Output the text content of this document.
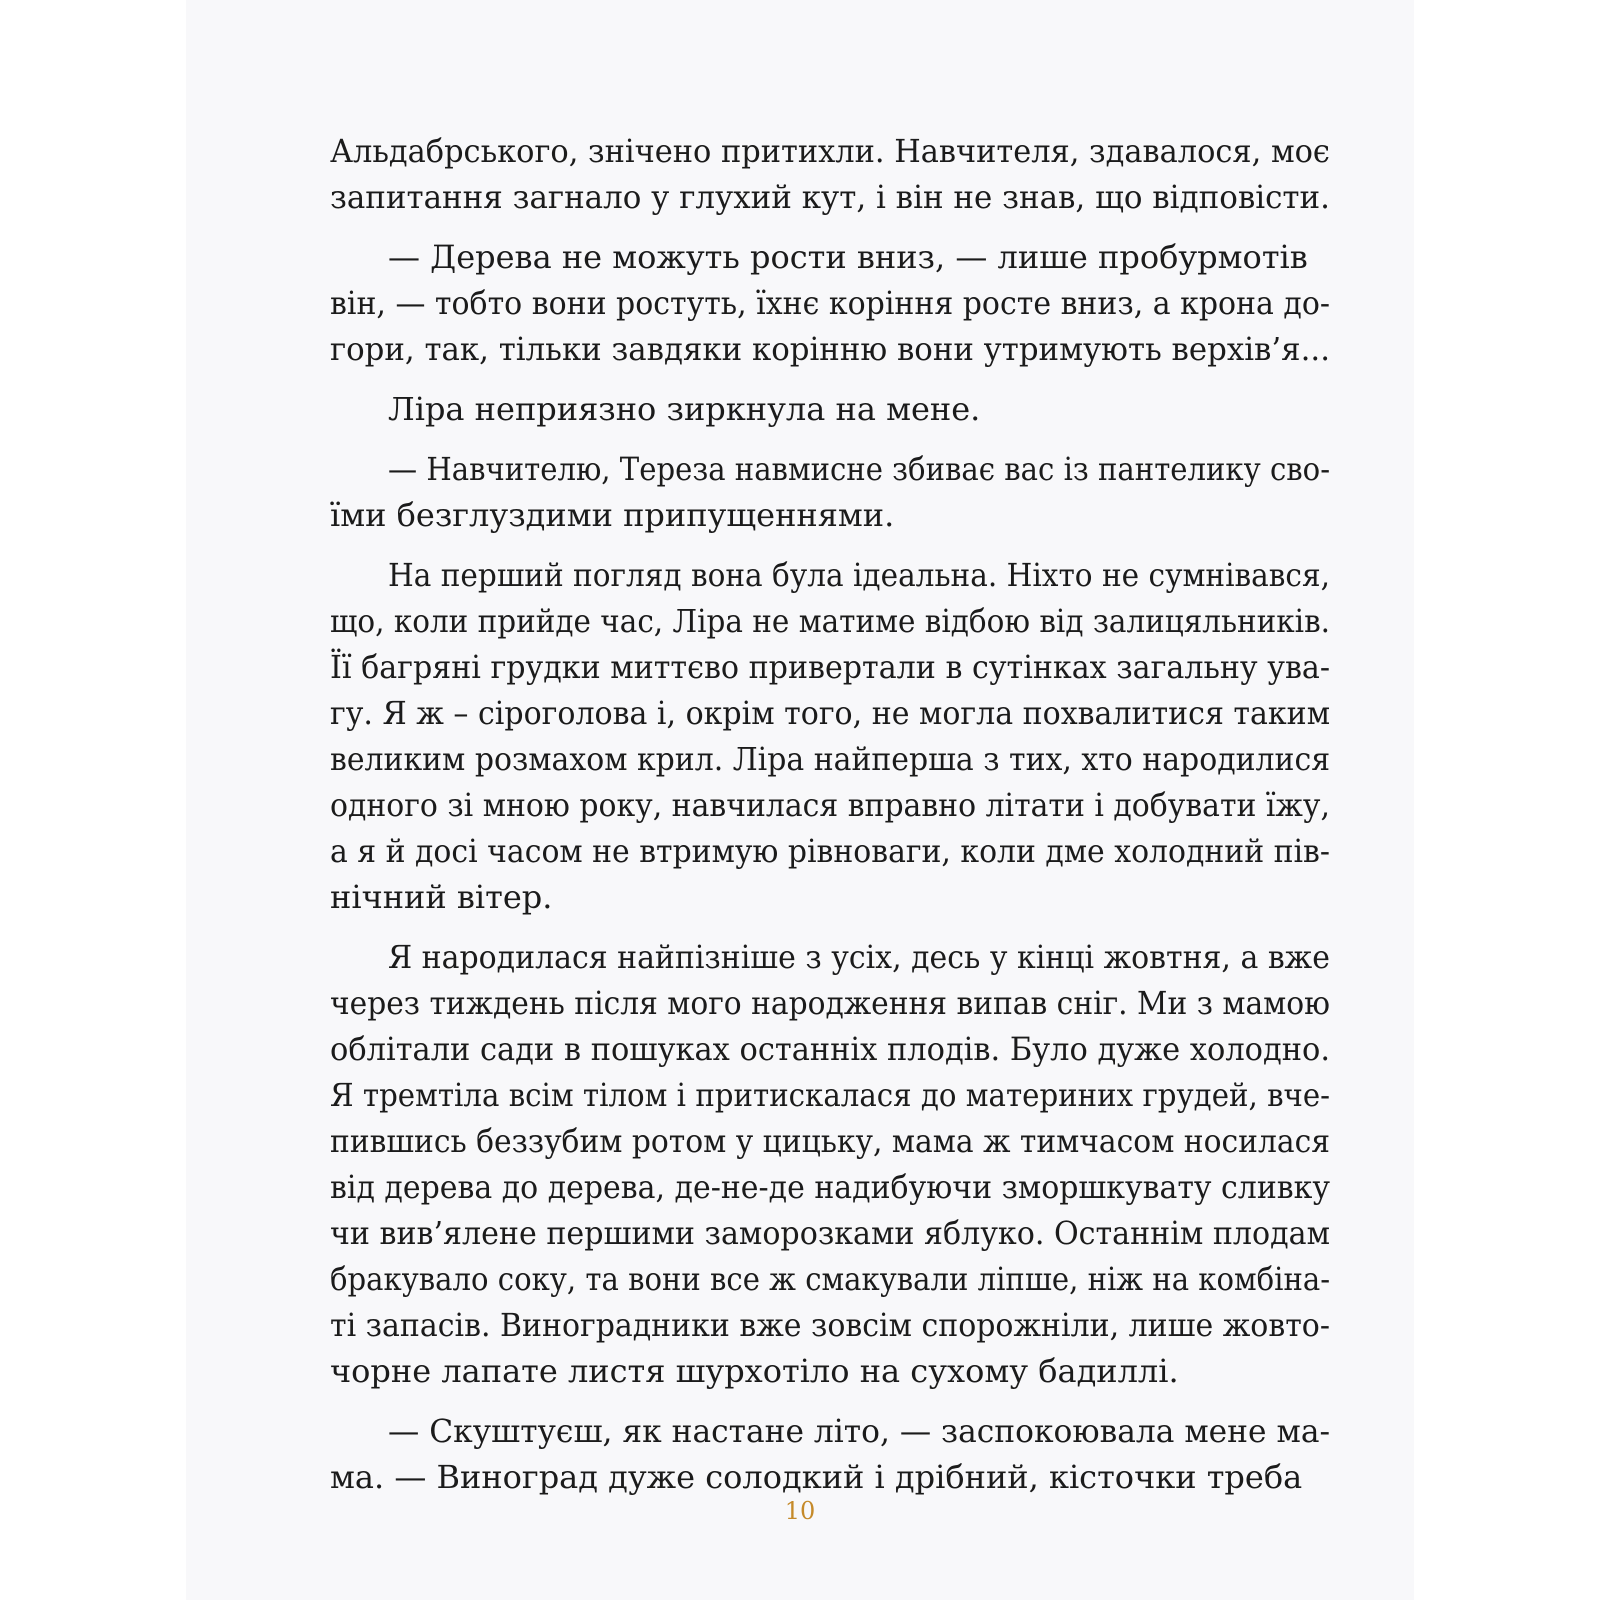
Альдабрського, знічено притихли. Навчителя, здавалося, моє
запитання загнало у глухий кут, і він не знав, що відповісти.
— Дерева не можуть рости вниз, — лише пробурмотів
він, — тобто вони ростуть, їхнє коріння росте вниз, а крона до-
гори, так, тільки завдяки корінню вони утримують верхів’я...
Ліра неприязно зиркнула на мене.
— Навчителю, Тереза навмисне збиває вас із пантелику сво-
їми безглуздими припущеннями.
На перший погляд вона була ідеальна. Ніхто не сумнівався,
що, коли прийде час, Ліра не матиме відбою від залицяльників.
Її багряні грудки миттєво привертали в сутінках загальну ува-
гу. Я ж – сіроголова і, окрім того, не могла похвалитися таким
великим розмахом крил. Ліра найперша з тих, хто народилися
одного зі мною року, навчилася вправно літати і добувати їжу,
а я й досі часом не втримую рівноваги, коли дме холодний пів-
нічний вітер.
Я народилася найпізніше з усіх, десь у кінці жовтня, а вже
через тиждень після мого народження випав сніг. Ми з мамою
облітали сади в пошуках останніх плодів. Було дуже холодно.
Я тремтіла всім тілом і притискалася до материних грудей, вче-
пившись беззубим ротом у цицьку, мама ж тимчасом носилася
від дерева до дерева, де-не-де надибуючи зморшкувату сливку
чи вив’ялене першими заморозками яблуко. Останнім плодам
бракувало соку, та вони все ж смакували ліпше, ніж на комбіна-
ті запасів. Виноградники вже зовсім спорожніли, лише жовто-
чорне лапате листя шурхотіло на сухому бадиллі.
— Скуштуєш, як настане літо, — заспокоювала мене ма-
ма. — Виноград дуже солодкий і дрібний, кісточки треба
10
